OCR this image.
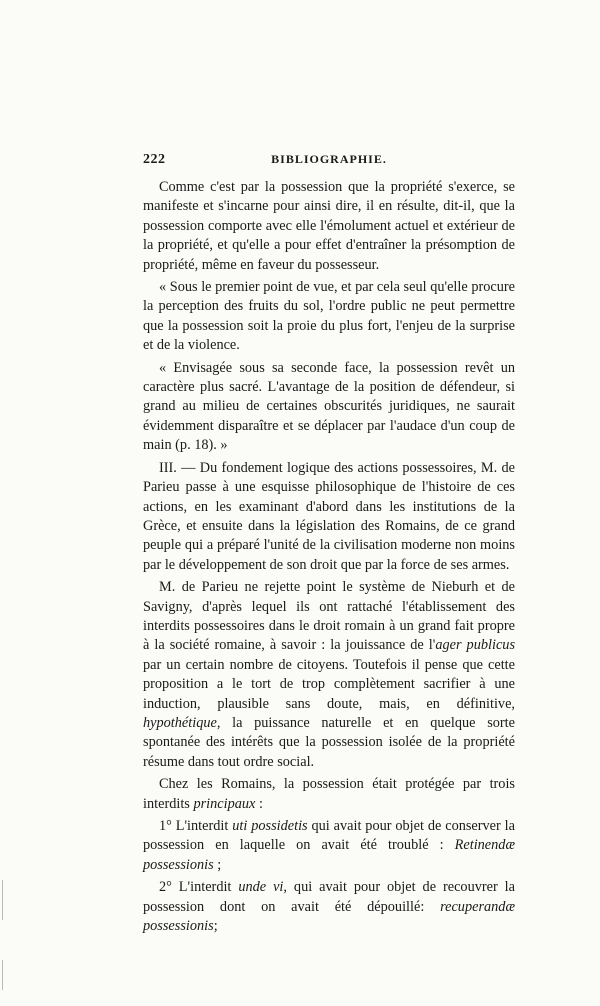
222	BIBLIOGRAPHIE.

Comme c'est par la possession que la propriété s'exerce, se manifeste et s'incarne pour ainsi dire, il en résulte, dit-il, que la possession comporte avec elle l'émolument actuel et extérieur de la propriété, et qu'elle a pour effet d'entraîner la présomption de propriété, même en faveur du possesseur.

« Sous le premier point de vue, et par cela seul qu'elle procure la perception des fruits du sol, l'ordre public ne peut permettre que la possession soit la proie du plus fort, l'enjeu de la surprise et de la violence.

« Envisagée sous sa seconde face, la possession revêt un caractère plus sacré. L'avantage de la position de défendeur, si grand au milieu de certaines obscurités juridiques, ne saurait évidemment disparaître et se déplacer par l'audace d'un coup de main (p. 18). »

III. — Du fondement logique des actions possessoires, M. de Parieu passe à une esquisse philosophique de l'histoire de ces actions, en les examinant d'abord dans les institutions de la Grèce, et ensuite dans la législation des Romains, de ce grand peuple qui a préparé l'unité de la civilisation moderne non moins par le développement de son droit que par la force de ses armes.

M. de Parieu ne rejette point le système de Nieburh et de Savigny, d'après lequel ils ont rattaché l'établissement des interdits possessoires dans le droit romain à un grand fait propre à la société romaine, à savoir : la jouissance de l'ager publicus par un certain nombre de citoyens. Toutefois il pense que cette proposition a le tort de trop complètement sacrifier à une induction, plausible sans doute, mais, en définitive, hypothétique, la puissance naturelle et en quelque sorte spontanée des intérêts que la possession isolée de la propriété résume dans tout ordre social.

Chez les Romains, la possession était protégée par trois interdits principaux :

1° L'interdit uti possidetis qui avait pour objet de conserver la possession en laquelle on avait été troublé : Retinendæ possessionis ;

2° L'interdit unde vi, qui avait pour objet de recouvrer la possession dont on avait été dépouillé: recuperandæ possessionis;
